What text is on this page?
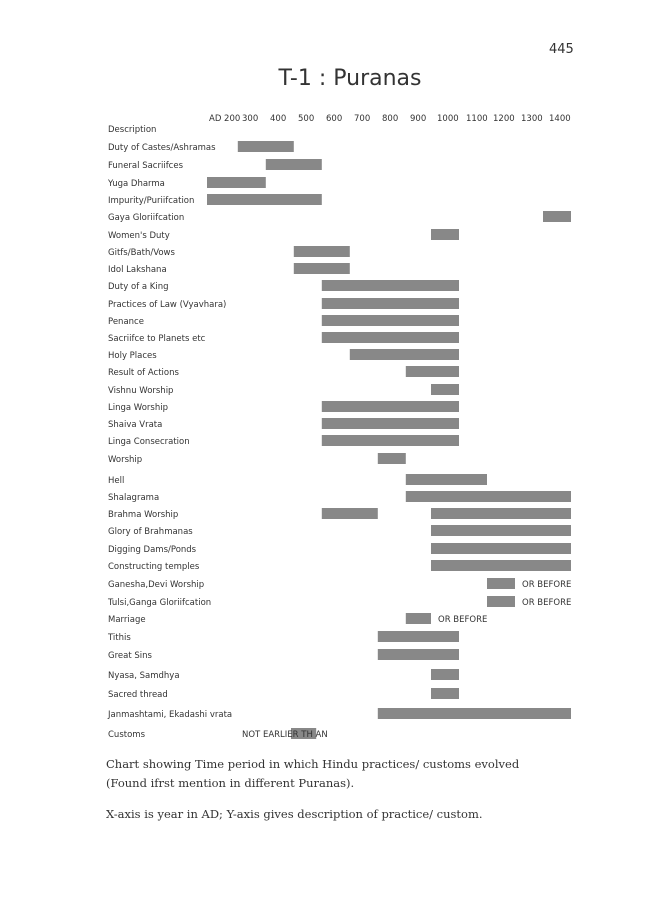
445
T-1 : Puranas
AD 200 300 400 500 600 700 800 900 1000 1100 1200 1300 1400
Description
Duty of Castes/Ashramas
Funeral Sacriifces
Yuga Dharma
Impurity/Puriifcation
Gaya Gloriifcation
Women's Duty
Gitfs/Bath/Vows
Idol Lakshana
Duty of a King
Practices of Law (Vyavhara)
Penance
Sacriifce to Planets etc
Holy Places
Result of Actions
Vishnu Worship
Linga Worship
Shaiva Vrata
Linga Consecration
Worship
Hell
Shalagrama
Brahma Worship
Glory of Brahmanas
Digging Dams/Ponds
Constructing temples
Ganesha,Devi Worship	OR BEFORE
Tulsi,Ganga Gloriifcation	OR BEFORE
Marriage	OR BEFORE
Tithis
Great Sins
Nyasa, Samdhya
Sacred thread
Janmashtami, Ekadashi vrata
Customs	NOT EARLIER TH AN
Chart showing Time period in which Hindu practices/ customs evolved
(Found ifrst mention in different Puranas).
X-axis is year in AD; Y-axis gives description of practice/ custom.
